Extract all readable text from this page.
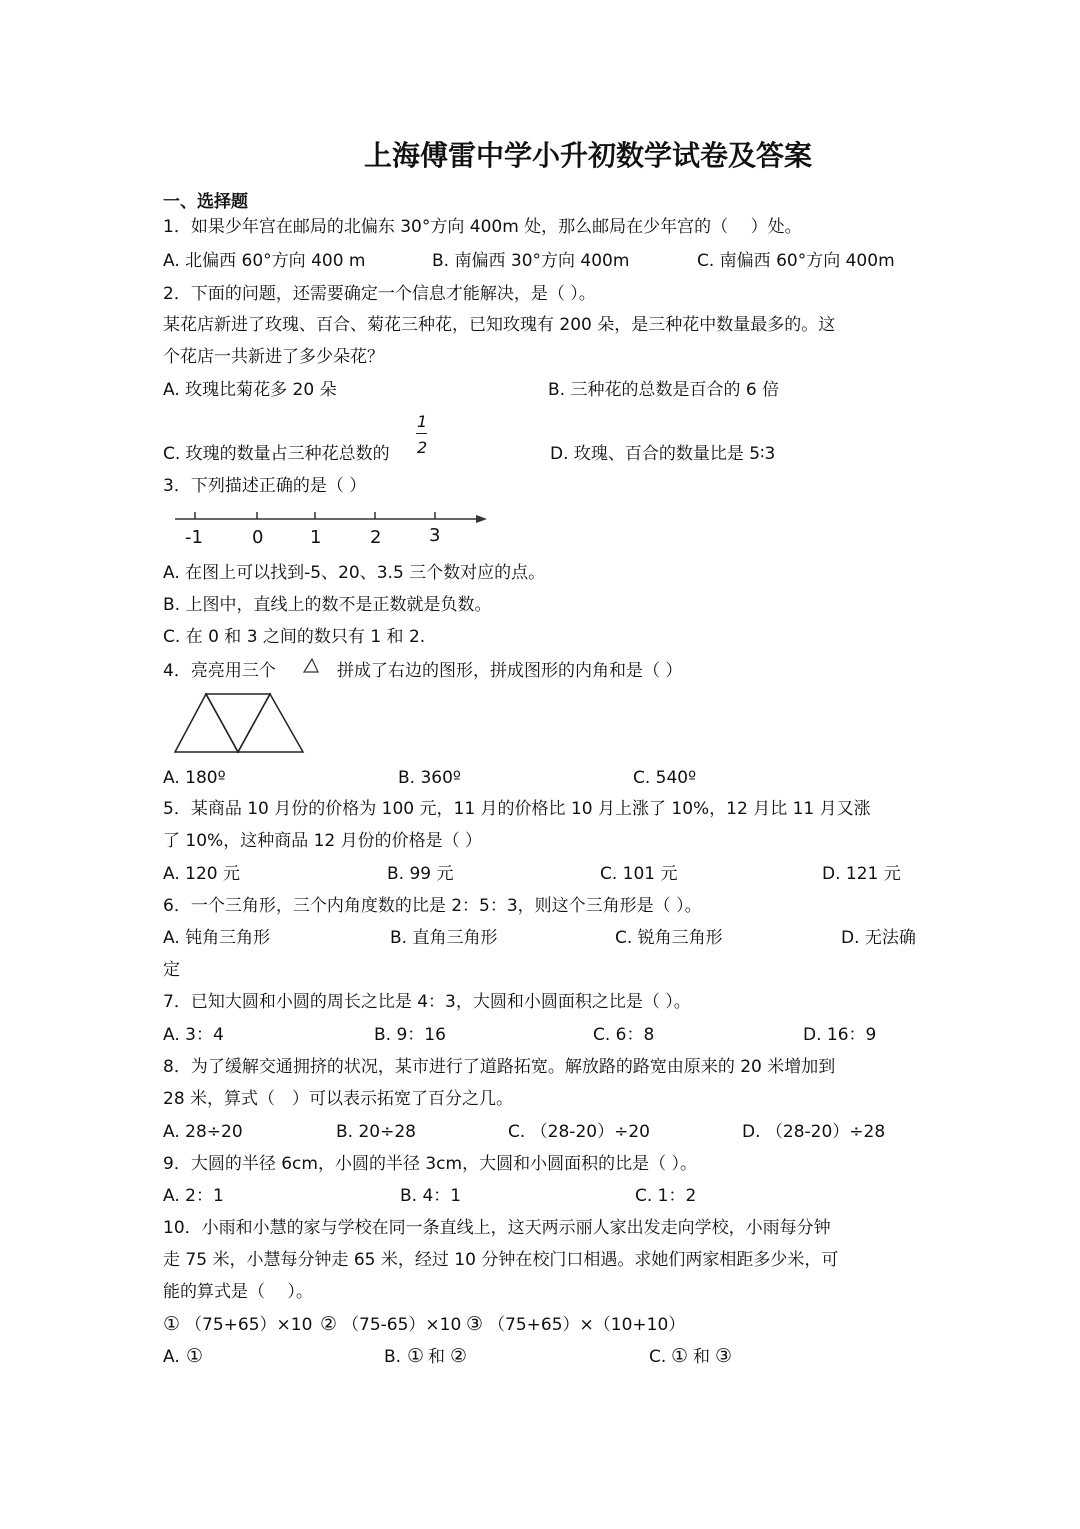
上海傅雷中学小升初数学试卷及答案
一、选择题
1．如果少年宫在邮局的北偏东 30°方向 400m 处，那么邮局在少年宫的（　 ）处。
A. 北偏西 60°方向 400 m	B. 南偏西 30°方向 400m	C. 南偏西 60°方向 400m
2．下面的问题，还需要确定一个信息才能解决，是（ ）。
某花店新进了玫瑰、百合、菊花三种花，已知玫瑰有 200 朵，是三种花中数量最多的。这
个花店一共新进了多少朵花？
A. 玫瑰比菊花多 20 朵	B. 三种花的总数是百合的 6 倍
C. 玫瑰的数量占三种花总数的
1
2	D. 玫瑰、百合的数量比是 5∶3
3．下列描述正确的是（ ）
-1	0	1	2	3
A. 在图上可以找到-5、20、3.5 三个数对应的点。
B. 上图中，直线上的数不是正数就是负数。
C. 在 0 和 3 之间的数只有 1 和 2.
4．亮亮用三个	拼成了右边的图形，拼成图形的内角和是（ ）
A. 180º	B. 360º	C. 540º
5．某商品 10 月份的价格为 100 元，11 月的价格比 10 月上涨了 10%，12 月比 11 月又涨
了 10%，这种商品 12 月份的价格是（ ）
A. 120 元	B. 99 元	C. 101 元	D. 121 元
6．一个三角形，三个内角度数的比是 2：5：3，则这个三角形是（ ）。
A. 钝角三角形	B. 直角三角形	C. 锐角三角形	D. 无法确
定
7．已知大圆和小圆的周长之比是 4：3，大圆和小圆面积之比是（ ）。
A. 3：4	B. 9：16	C. 6：8	D. 16：9
8．为了缓解交通拥挤的状况，某市进行了道路拓宽。解放路的路宽由原来的 20 米增加到
28 米，算式（　）可以表示拓宽了百分之几。
A. 28÷20	B. 20÷28	C. （28-20）÷20	D. （28-20）÷28
9．大圆的半径 6cm，小圆的半径 3cm，大圆和小圆面积的比是（ ）。
A. 2：1	B. 4：1	C. 1：2
10．小雨和小慧的家与学校在同一条直线上，这天两示丽人家出发走向学校，小雨每分钟
走 75 米，小慧每分钟走 65 米，经过 10 分钟在校门口相遇。求她们两家相距多少米，可
能的算式是（　 ）。
① （75+65）×10 ② （75-65）×10 ③ （75+65）×（10+10）
A. ①	B. ① 和 ②	C. ① 和 ③
